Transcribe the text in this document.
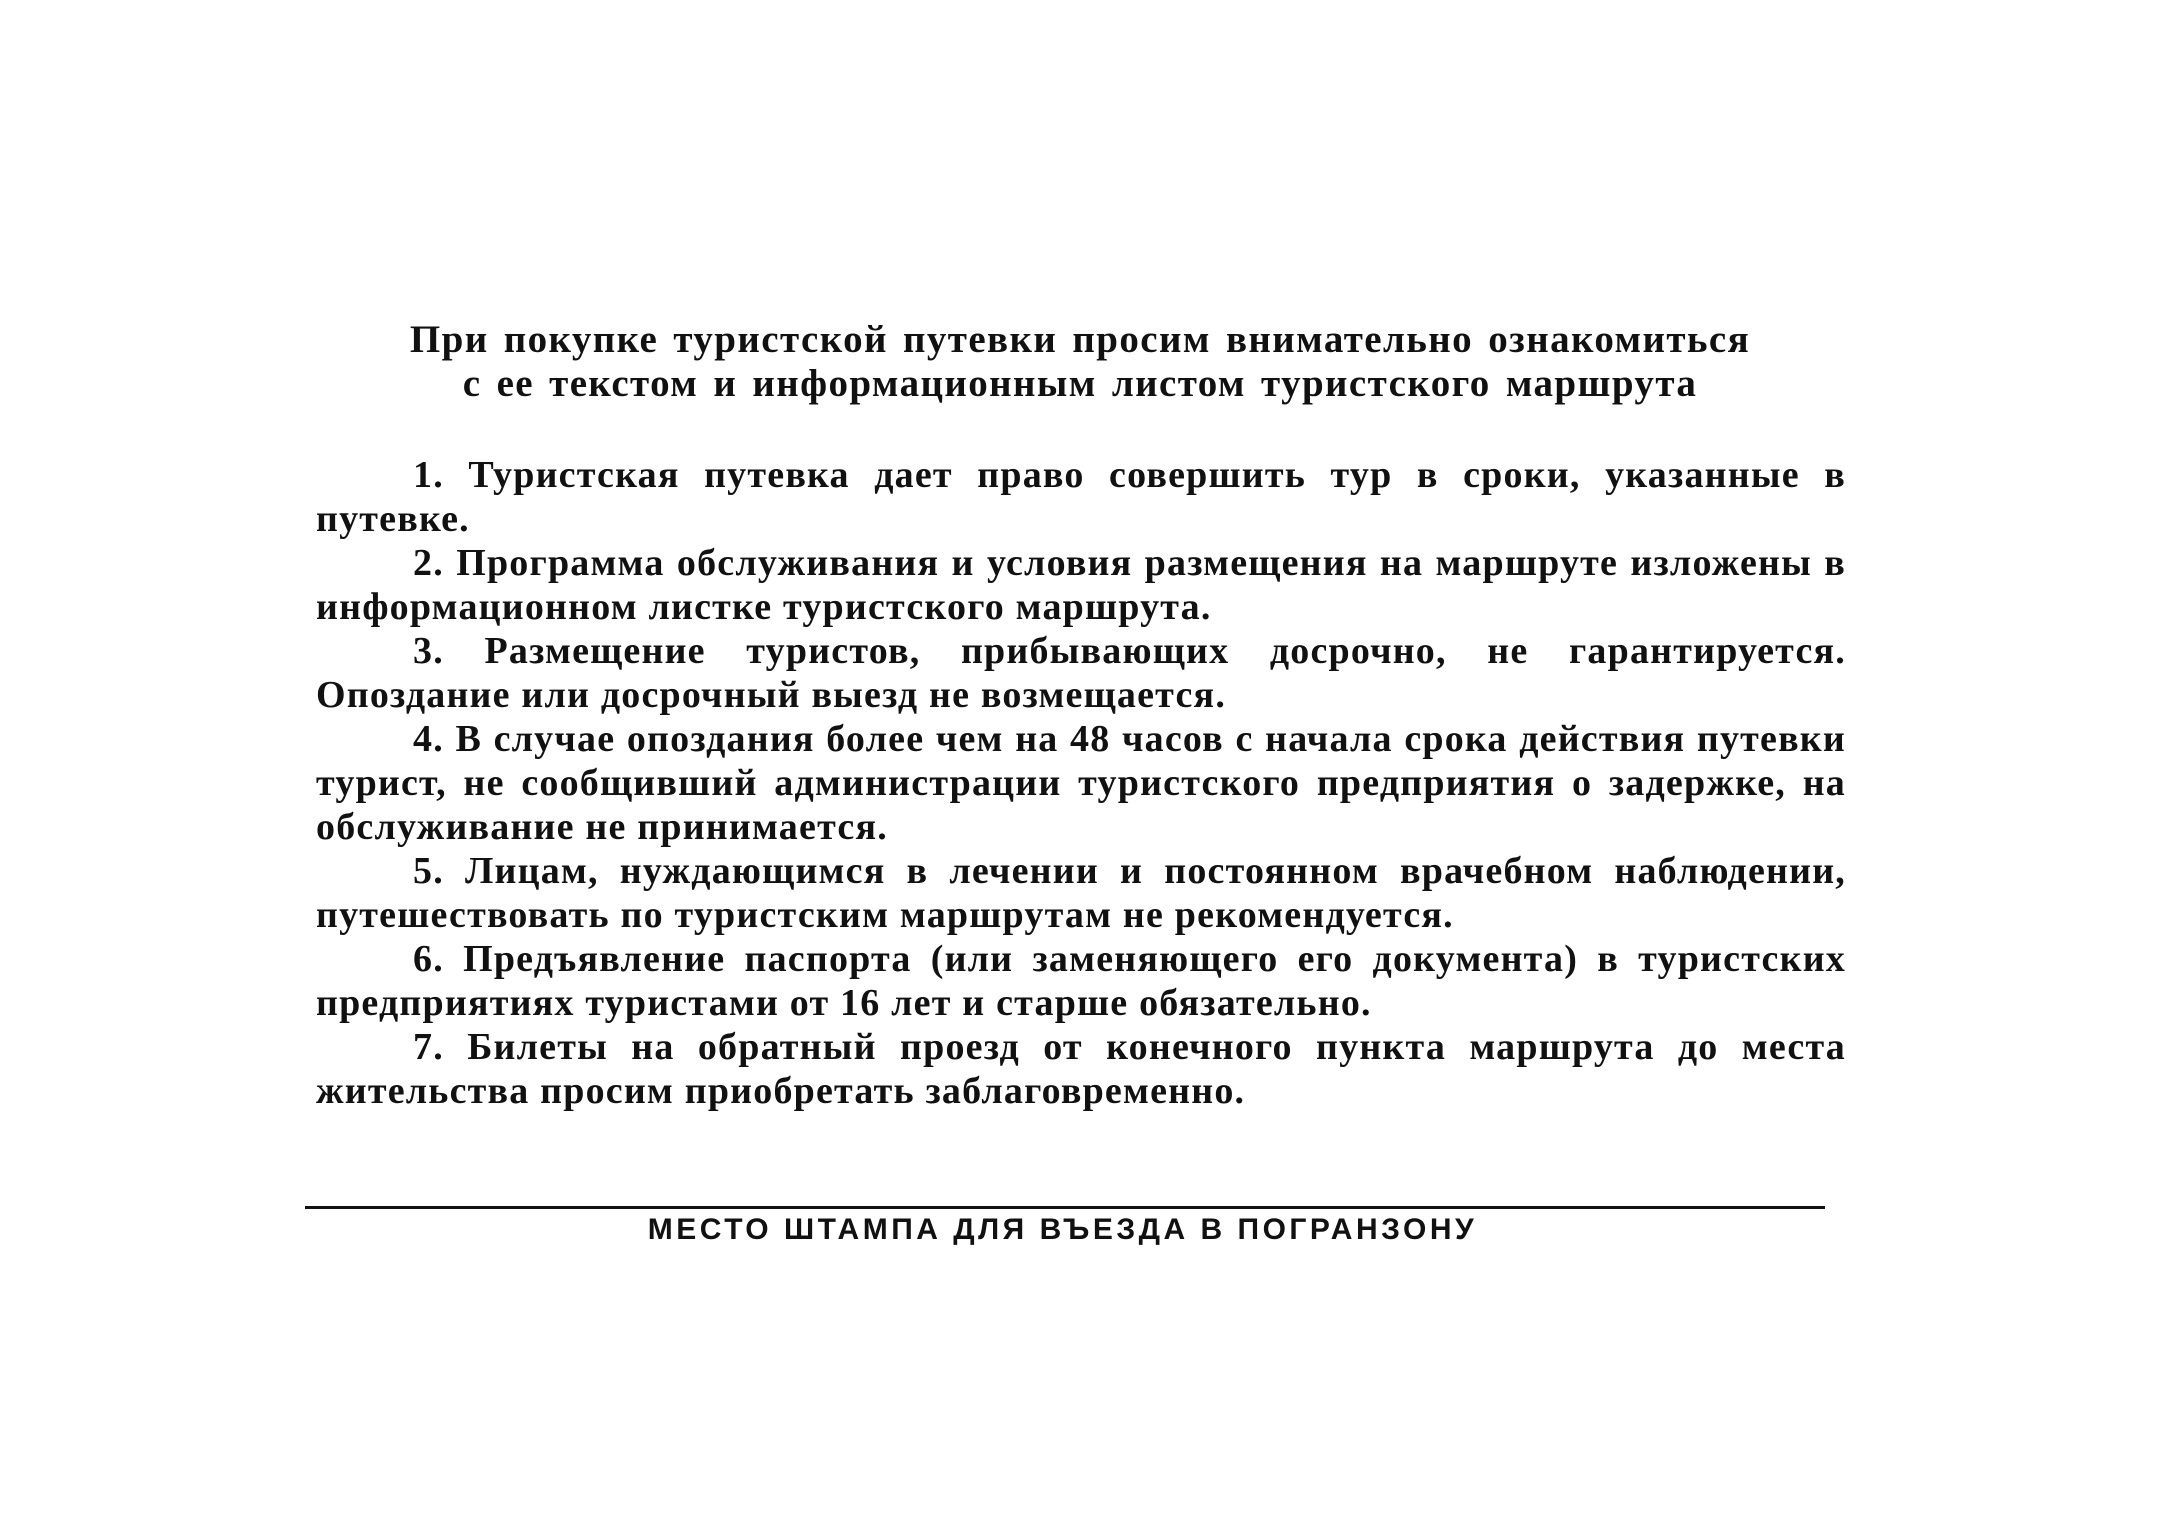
При покупке туристской путевки просим внимательно ознакомиться
с ее текстом и информационным листом туристского маршрута

1. Туристская путевка дает право совершить тур в сроки, указанные в путевке.

2. Программа обслуживания и условия размещения на маршруте изложены в информационном листке туристского маршрута.

3. Размещение туристов, прибывающих досрочно, не гарантируется. Опоздание или досрочный выезд не возмещается.

4. В случае опоздания более чем на 48 часов с начала срока действия путевки турист, не сообщивший администрации туристского предприятия о задержке, на обслуживание не принимается.

5. Лицам, нуждающимся в лечении и постоянном врачебном наблюдении, путешествовать по туристским маршрутам не рекомендуется.

6. Предъявление паспорта (или заменяющего его документа) в туристских предприятиях туристами от 16 лет и старше обязательно.

7. Билеты на обратный проезд от конечного пункта маршрута до места жительства просим приобретать заблаговременно.

МЕСТО ШТАМПА ДЛЯ ВЪЕЗДА В ПОГРАНЗОНУ
